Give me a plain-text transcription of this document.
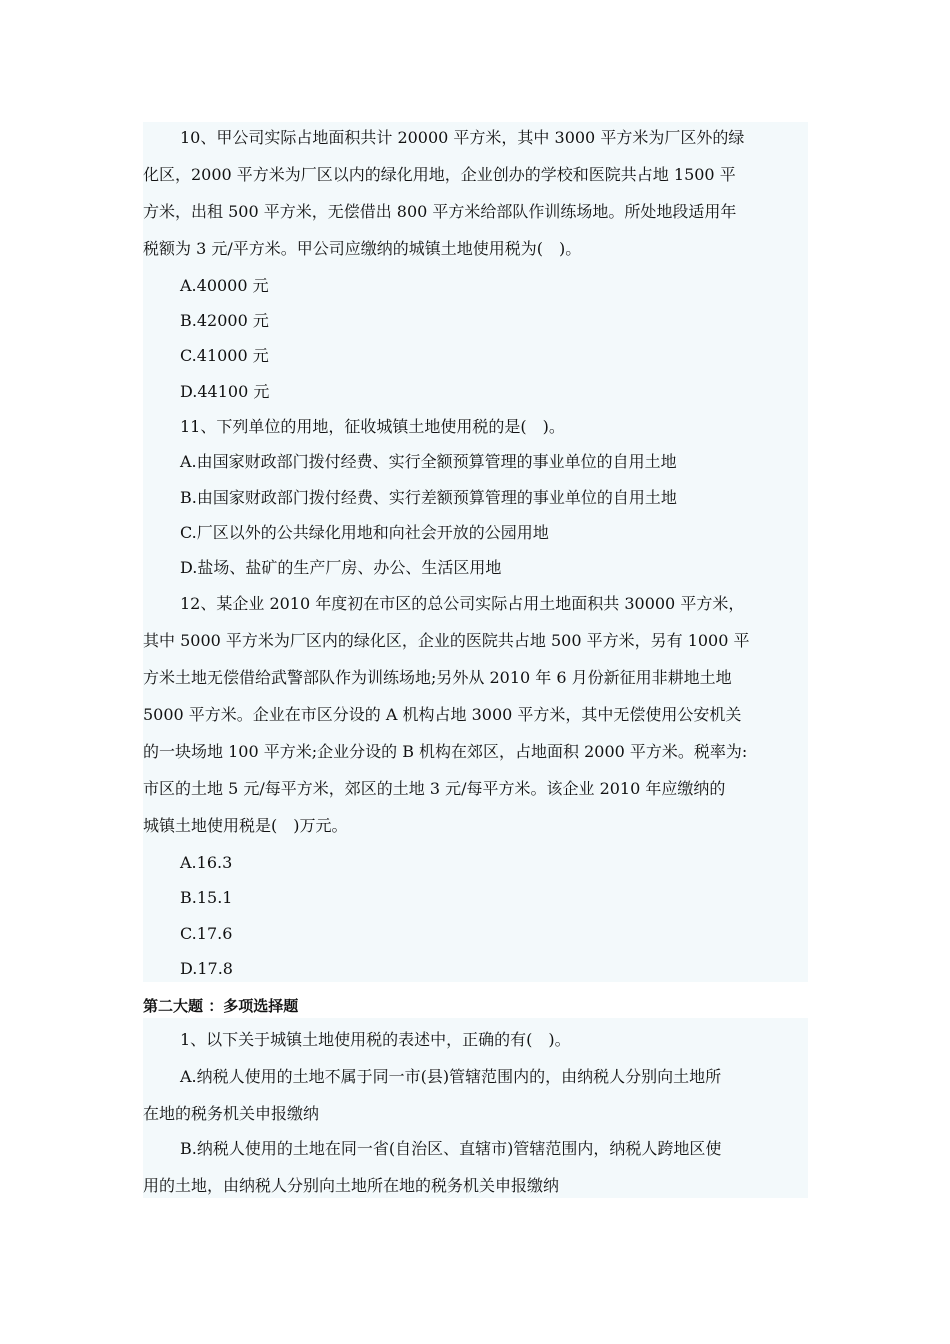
10、甲公司实际占地面积共计 20000 平方米，其中 3000 平方米为厂区外的绿
化区，2000 平方米为厂区以内的绿化用地，企业创办的学校和医院共占地 1500 平
方米，出租 500 平方米，无偿借出 800 平方米给部队作训练场地。所处地段适用年
税额为 3 元/平方米。甲公司应缴纳的城镇土地使用税为(　)。
A.40000 元
B.42000 元
C.41000 元
D.44100 元
11、下列单位的用地，征收城镇土地使用税的是(　)。
A.由国家财政部门拨付经费、实行全额预算管理的事业单位的自用土地
B.由国家财政部门拨付经费、实行差额预算管理的事业单位的自用土地
C.厂区以外的公共绿化用地和向社会开放的公园用地
D.盐场、盐矿的生产厂房、办公、生活区用地
12、某企业 2010 年度初在市区的总公司实际占用土地面积共 30000 平方米，
其中 5000 平方米为厂区内的绿化区，企业的医院共占地 500 平方米，另有 1000 平
方米土地无偿借给武警部队作为训练场地;另外从 2010 年 6 月份新征用非耕地土地
5000 平方米。企业在市区分设的 A 机构占地 3000 平方米，其中无偿使用公安机关
的一块场地 100 平方米;企业分设的 B 机构在郊区，占地面积 2000 平方米。税率为:
市区的土地 5 元/每平方米，郊区的土地 3 元/每平方米。该企业 2010 年应缴纳的
城镇土地使用税是(　)万元。
A.16.3
B.15.1
C.17.6
D.17.8
第二大题 ：多项选择题
1、以下关于城镇土地使用税的表述中，正确的有(　)。
A.纳税人使用的土地不属于同一市(县)管辖范围内的，由纳税人分别向土地所
在地的税务机关申报缴纳
B.纳税人使用的土地在同一省(自治区、直辖市)管辖范围内，纳税人跨地区使
用的土地，由纳税人分别向土地所在地的税务机关申报缴纳
